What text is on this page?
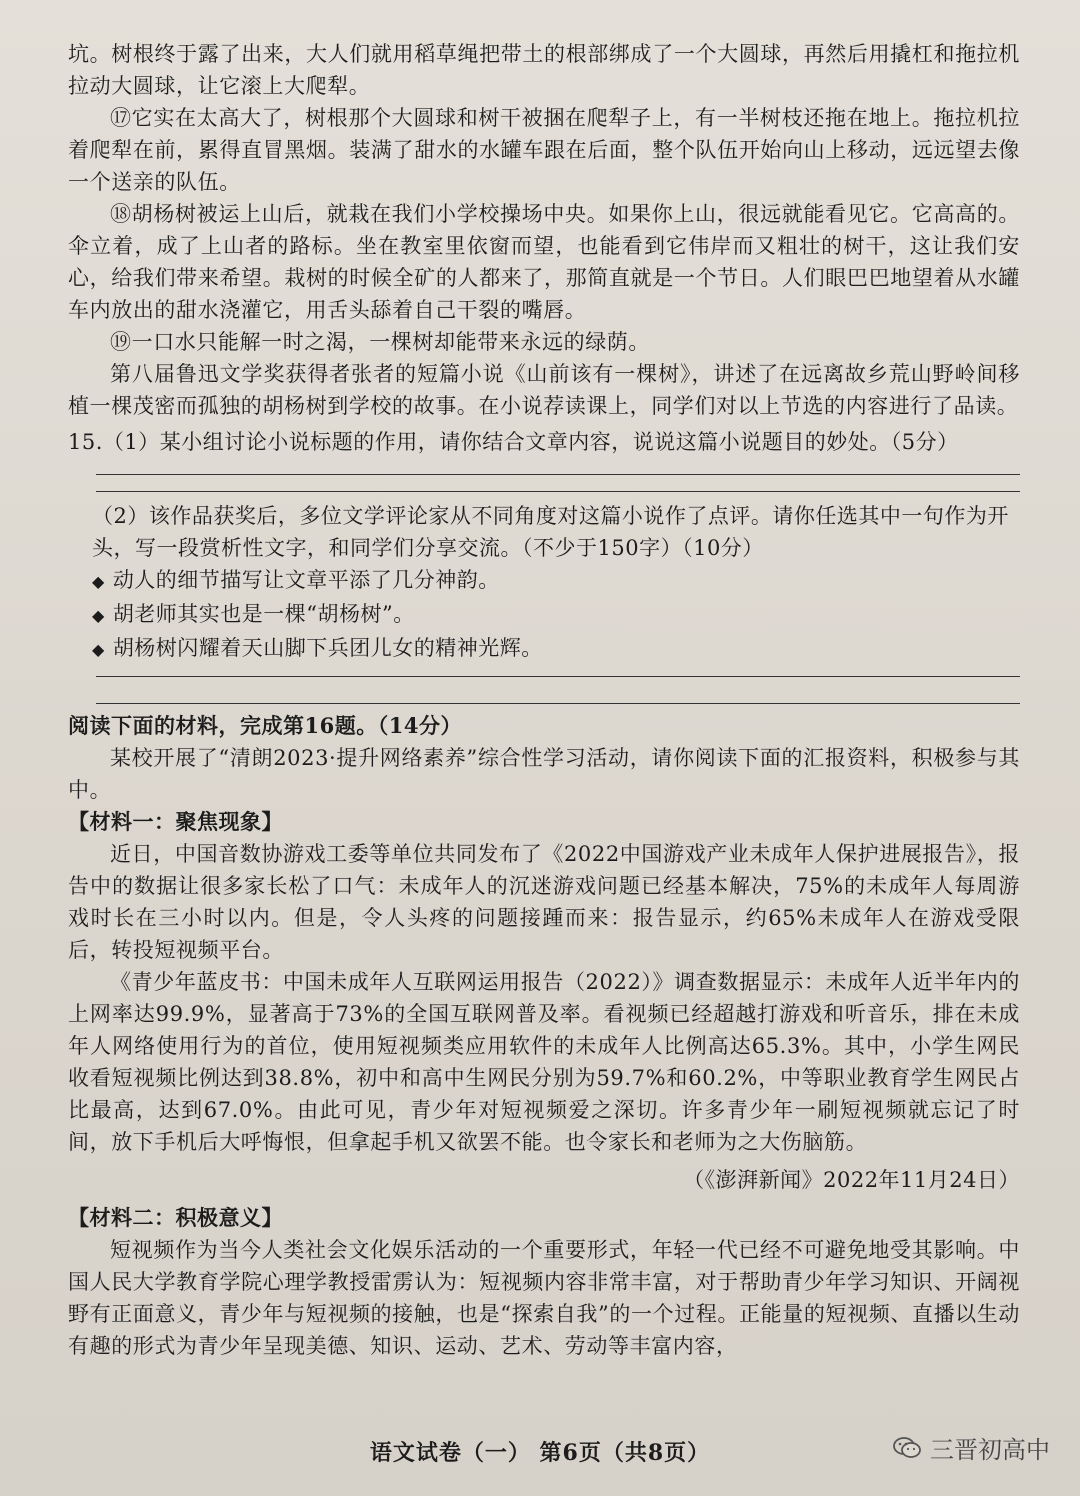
坑。树根终于露了出来，大人们就用稻草绳把带土的根部绑成了一个大圆球，再然后用撬杠和拖拉机拉动大圆球，让它滚上大爬犁。

⑰它实在太高大了，树根那个大圆球和树干被捆在爬犁子上，有一半树枝还拖在地上。拖拉机拉着爬犁在前，累得直冒黑烟。装满了甜水的水罐车跟在后面，整个队伍开始向山上移动，远远望去像一个送亲的队伍。

⑱胡杨树被运上山后，就栽在我们小学校操场中央。如果你上山，很远就能看见它。它高高的。伞立着，成了上山者的路标。坐在教室里依窗而望，也能看到它伟岸而又粗壮的树干，这让我们安心，给我们带来希望。栽树的时候全矿的人都来了，那简直就是一个节日。人们眼巴巴地望着从水罐车内放出的甜水浇灌它，用舌头舔着自己干裂的嘴唇。

⑲一口水只能解一时之渴，一棵树却能带来永远的绿荫。

第八届鲁迅文学奖获得者张者的短篇小说《山前该有一棵树》，讲述了在远离故乡荒山野岭间移植一棵茂密而孤独的胡杨树到学校的故事。在小说荐读课上，同学们对以上节选的内容进行了品读。

15.（1）某小组讨论小说标题的作用，请你结合文章内容，说说这篇小说题目的妙处。（5分）

（2）该作品获奖后，多位文学评论家从不同角度对这篇小说作了点评。请你任选其中一句作为开头，写一段赏析性文字，和同学们分享交流。（不少于150字）（10分）

◆ 动人的细节描写让文章平添了几分神韵。

◆ 胡老师其实也是一棵“胡杨树”。

◆ 胡杨树闪耀着天山脚下兵团儿女的精神光辉。

阅读下面的材料，完成第16题。（14分）

某校开展了“清朗2023·提升网络素养”综合性学习活动，请你阅读下面的汇报资料，积极参与其中。

【材料一：聚焦现象】

近日，中国音数协游戏工委等单位共同发布了《2022中国游戏产业未成年人保护进展报告》，报告中的数据让很多家长松了口气：未成年人的沉迷游戏问题已经基本解决，75%的未成年人每周游戏时长在三小时以内。但是，令人头疼的问题接踵而来：报告显示，约65%未成年人在游戏受限后，转投短视频平台。

《青少年蓝皮书：中国未成年人互联网运用报告（2022）》调查数据显示：未成年人近半年内的上网率达99.9%，显著高于73%的全国互联网普及率。看视频已经超越打游戏和听音乐，排在未成年人网络使用行为的首位，使用短视频类应用软件的未成年人比例高达65.3%。其中，小学生网民收看短视频比例达到38.8%，初中和高中生网民分别为59.7%和60.2%，中等职业教育学生网民占比最高，达到67.0%。由此可见，青少年对短视频爱之深切。许多青少年一刷短视频就忘记了时间，放下手机后大呼悔恨，但拿起手机又欲罢不能。也令家长和老师为之大伤脑筋。

（《澎湃新闻》2022年11月24日）

【材料二：积极意义】

短视频作为当今人类社会文化娱乐活动的一个重要形式，年轻一代已经不可避免地受其影响。中国人民大学教育学院心理学教授雷雳认为：短视频内容非常丰富，对于帮助青少年学习知识、开阔视野有正面意义，青少年与短视频的接触，也是“探索自我”的一个过程。正能量的短视频、直播以生动有趣的形式为青少年呈现美德、知识、运动、艺术、劳动等丰富内容，

语文试卷（一） 第6页（共8页）	三晋初高中
